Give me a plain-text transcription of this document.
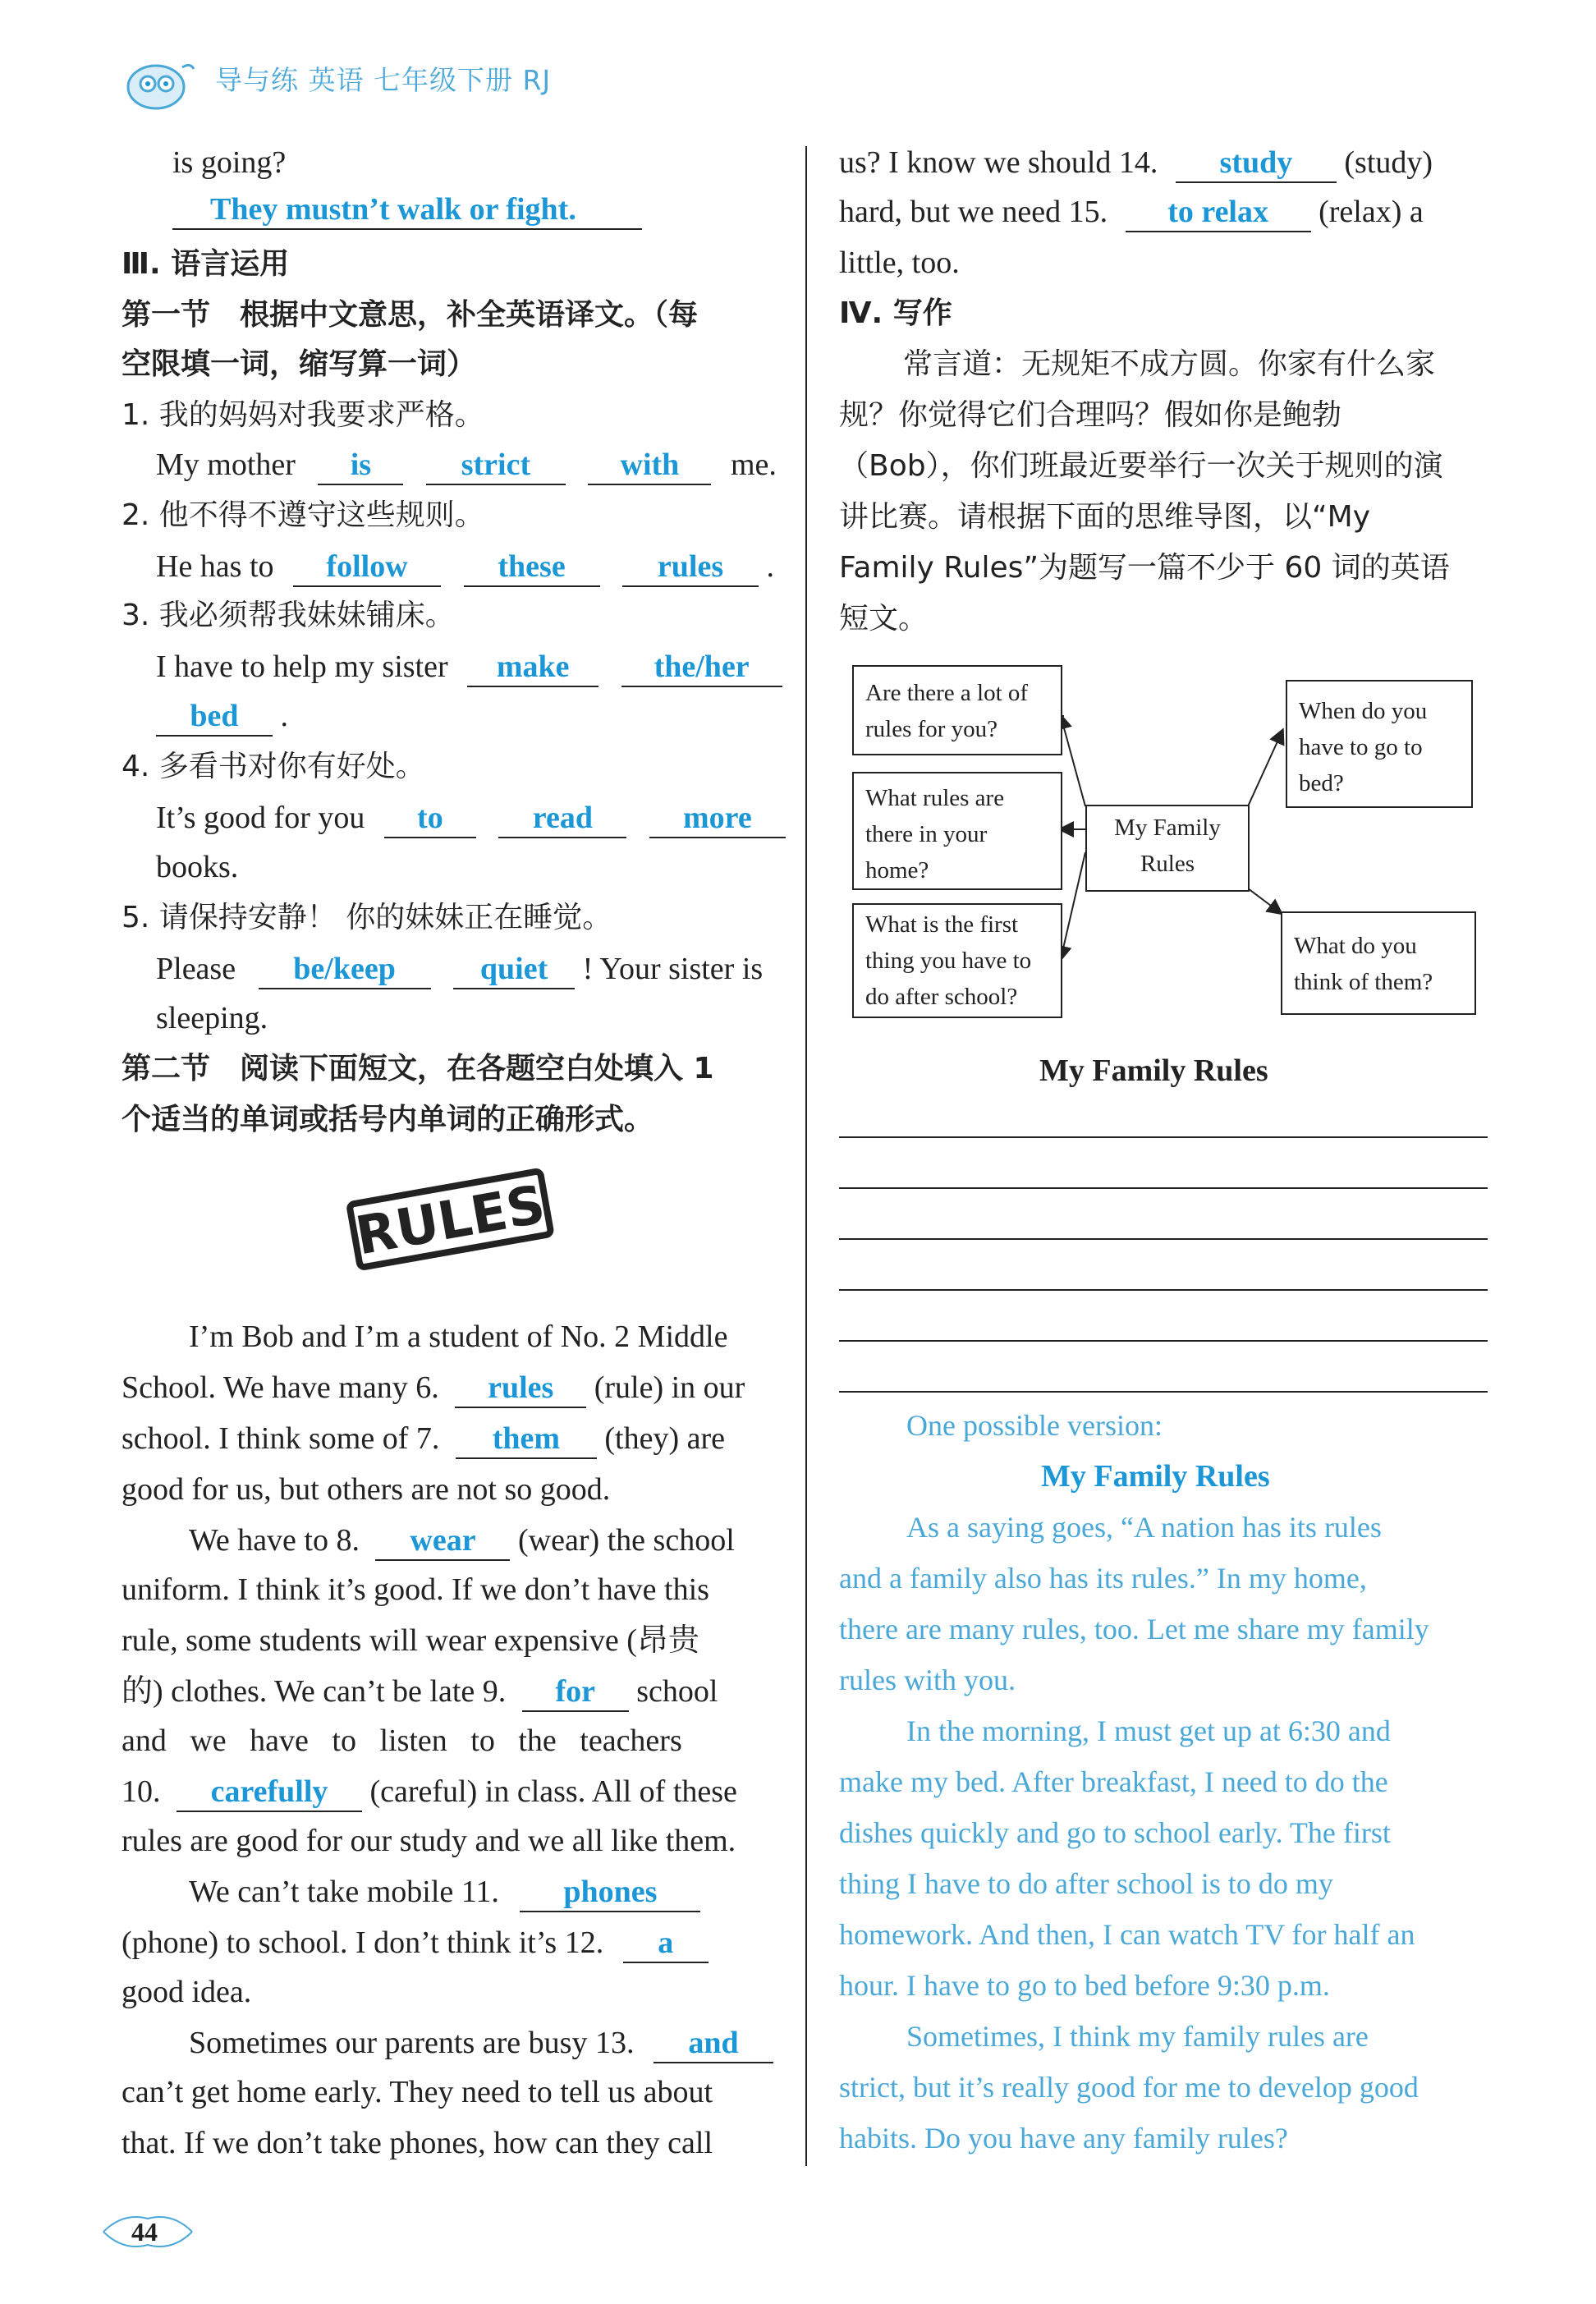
导与练 英语 七年级下册 RJ
is going?
They mustn’t walk or fight.
Ⅲ. 语言运用
第一节　根据中文意思，补全英语译文。（每
空限填一词，缩写算一词）
1. 我的妈妈对我要求严格。
My mother is	strict	with me.
2. 他不得不遵守这些规则。
He has to follow	these	rules .
3. 我必须帮我妹妹铺床。
I have to help my sister make	the/her
bed .
4. 多看书对你有好处。
It’s good for you to	read	more
books.
5. 请保持安静！ 你的妹妹正在睡觉。
Please be/keep	quiet ! Your sister is
sleeping.
第二节　阅读下面短文，在各题空白处填入 1
个适当的单词或括号内单词的正确形式。
RULES
I’m Bob and I’m a student of No. 2 Middle
School. We have many 6. rules (rule) in our
school. I think some of 7. them (they) are
good for us, but others are not so good.
We have to 8. wear (wear) the school
uniform. I think it’s good. If we don’t have this
rule, some students will wear expensive (昂贵
的) clothes. We can’t be late 9. for school
and   we   have   to   listen   to   the   teachers
10. carefully (careful) in class. All of these
rules are good for our study and we all like them.
We can’t take mobile 11. phones
(phone) to school. I don’t think it’s 12. a
good idea.
Sometimes our parents are busy 13. and
can’t get home early. They need to tell us about
that. If we don’t take phones, how can they call
us? I know we should 14. study (study)
hard, but we need 15. to relax (relax) a
little, too.
Ⅳ. 写作
常言道：无规矩不成方圆。你家有什么家
规？你觉得它们合理吗？假如你是鲍勃
（Bob），你们班最近要举行一次关于规则的演
讲比赛。请根据下面的思维导图，以“My
Family Rules”为题写一篇不少于 60 词的英语
短文。
Are there a lot of rules for you?
What rules are there in your home?
What is the first thing you have to do after school?
My Family Rules
When do you have to go to bed?
What do you think of them?
My Family Rules
One possible version:
My Family Rules
As a saying goes, “A nation has its rules
and a family also has its rules.” In my home,
there are many rules, too. Let me share my family
rules with you.
In the morning, I must get up at 6:30 and
make my bed. After breakfast, I need to do the
dishes quickly and go to school early. The first
thing I have to do after school is to do my
homework. And then, I can watch TV for half an
hour. I have to go to bed before 9:30 p.m.
Sometimes, I think my family rules are
strict, but it’s really good for me to develop good
habits. Do you have any family rules?
44
